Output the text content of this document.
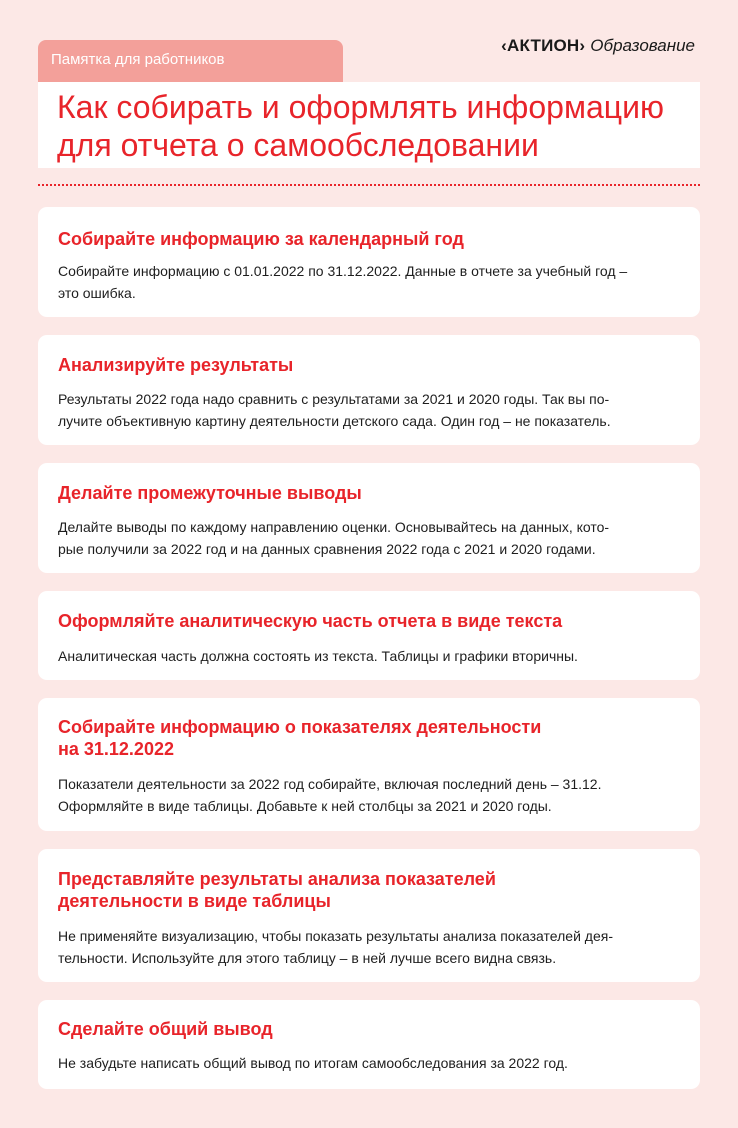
Памятка для работников
‹АКТИОН› Образование
Как собирать и оформлять информацию
для отчета о самообследовании
Собирайте информацию за календарный год

Собирайте информацию с 01.01.2022 по 31.12.2022. Данные в отчете за учебный год –

это ошибка.

Анализируйте результаты

Результаты 2022 года надо сравнить с результатами за 2021 и 2020 годы. Так вы по-

лучите объективную картину деятельности детского сада. Один год – не показатель.

Делайте промежуточные выводы

Делайте выводы по каждому направлению оценки. Основывайтесь на данных, кото-

рые получили за 2022 год и на данных сравнения 2022 года с 2021 и 2020 годами.

Оформляйте аналитическую часть отчета в виде текста

Аналитическая часть должна состоять из текста. Таблицы и графики вторичны.

Собирайте информацию о показателях деятельности
на 31.12.2022

Показатели деятельности за 2022 год собирайте, включая последний день – 31.12.

Оформляйте в виде таблицы. Добавьте к ней столбцы за 2021 и 2020 годы.

Представляйте результаты анализа показателей
деятельности в виде таблицы

Не применяйте визуализацию, чтобы показать результаты анализа показателей дея-

тельности. Используйте для этого таблицу – в ней лучше всего видна связь.

Сделайте общий вывод

Не забудьте написать общий вывод по итогам самообследования за 2022 год.
